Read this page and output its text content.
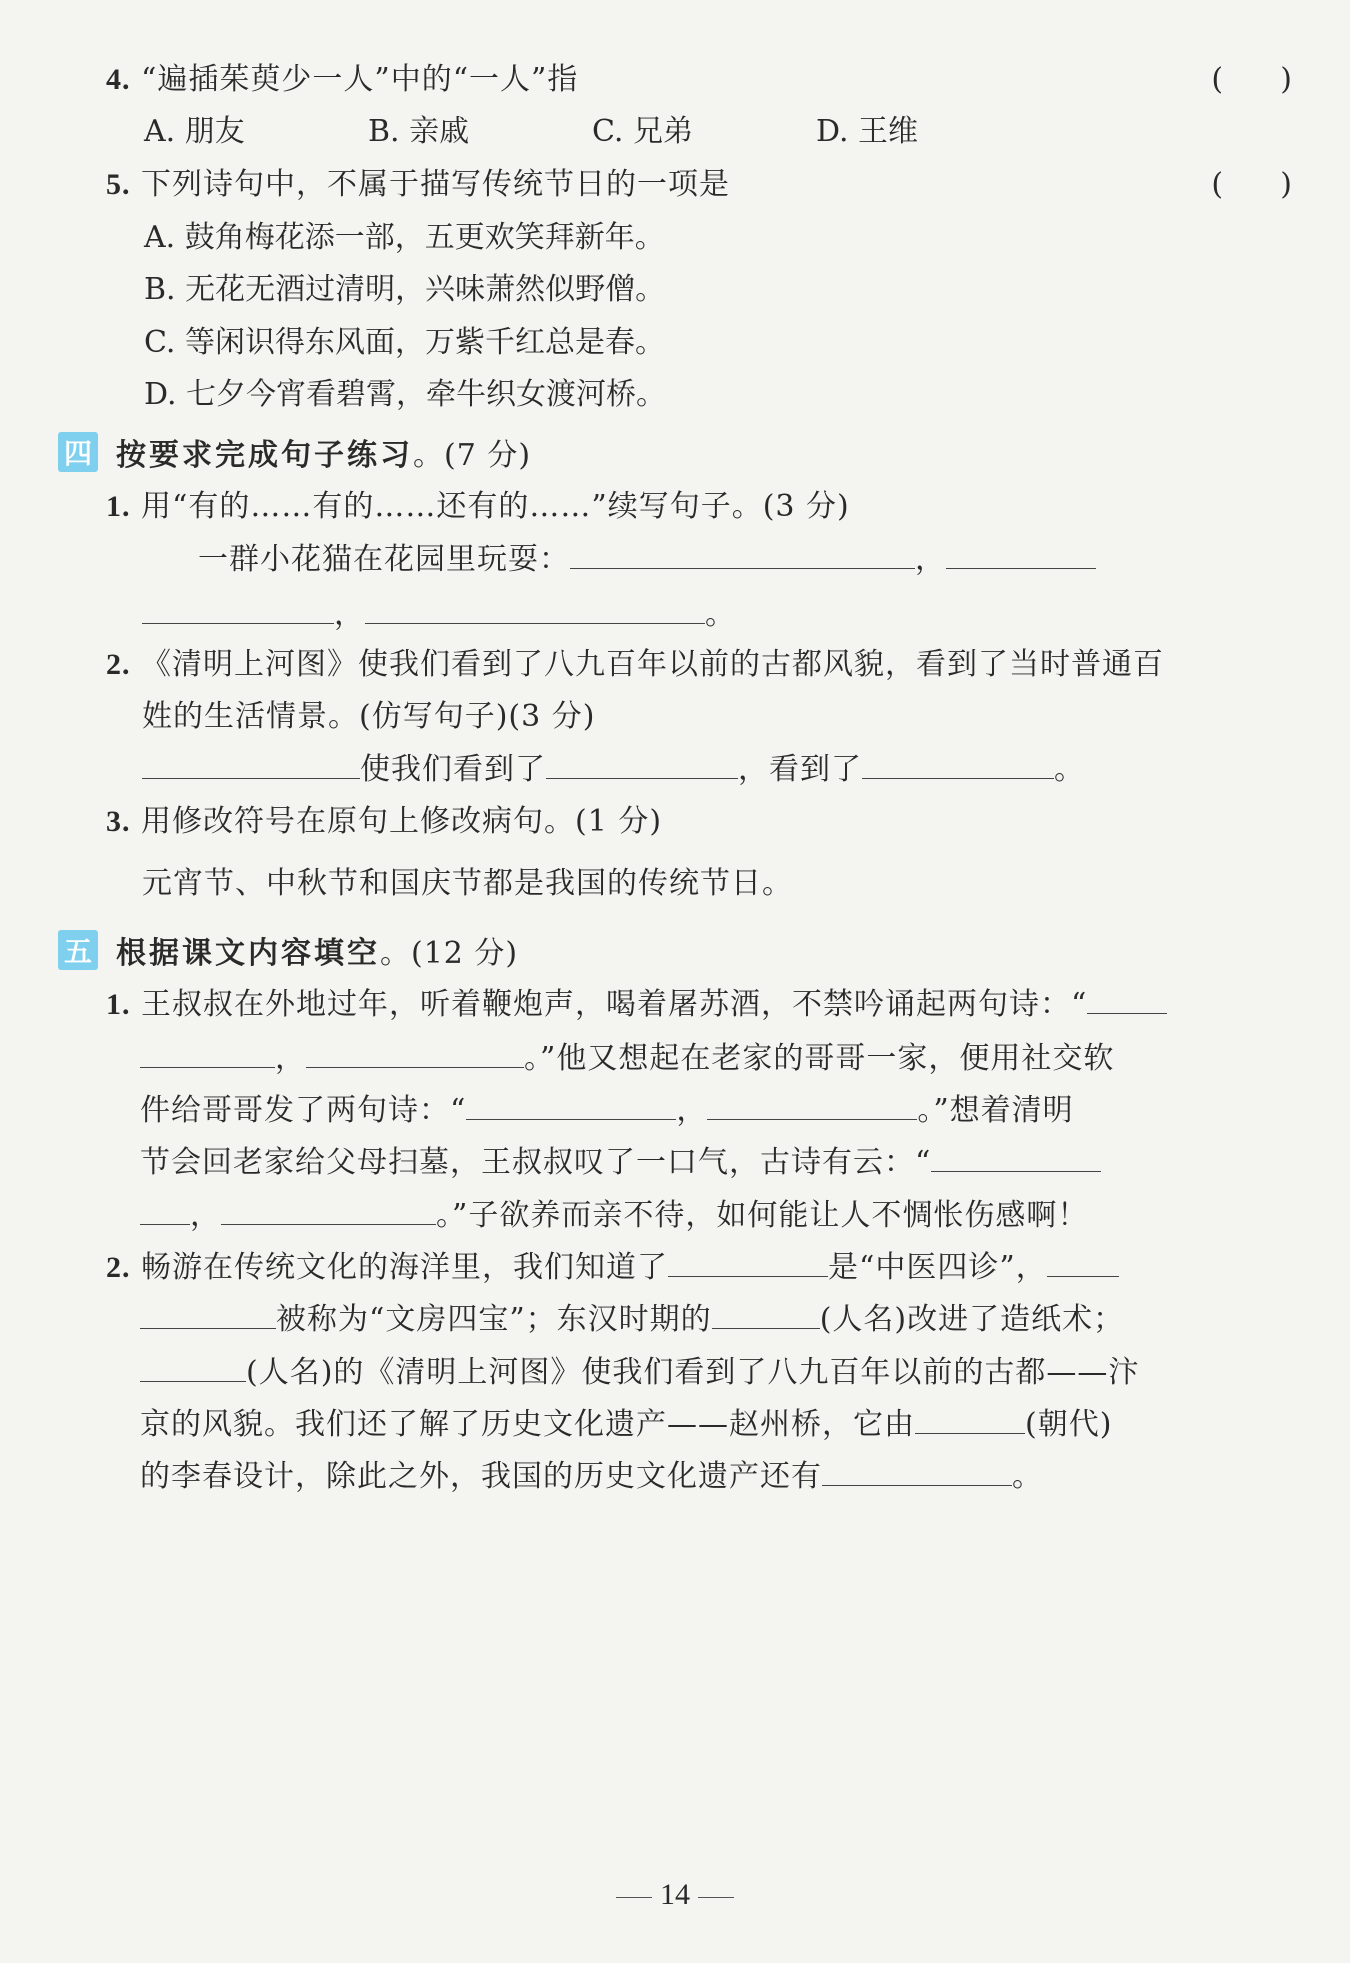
4. “遍插茱萸少一人”中的“一人”指	(      )
A. 朋友	B. 亲戚	C. 兄弟	D. 王维
5. 下列诗句中，不属于描写传统节日的一项是	(      )
A. 鼓角梅花添一部，五更欢笑拜新年。
B. 无花无酒过清明，兴味萧然似野僧。
C. 等闲识得东风面，万紫千红总是春。
D. 七夕今宵看碧霄，牵牛织女渡河桥。
四 按要求完成句子练习。(7 分)
1. 用“有的……有的……还有的……”续写句子。(3 分)
一群小花猫在花园里玩耍：	，
，	。
2. 《清明上河图》使我们看到了八九百年以前的古都风貌，看到了当时普通百
姓的生活情景。(仿写句子)(3 分)
使我们看到了	，看到了	。
3. 用修改符号在原句上修改病句。(1 分)
元宵节、中秋节和国庆节都是我国的传统节日。
五 根据课文内容填空。(12 分)
1. 王叔叔在外地过年，听着鞭炮声，喝着屠苏酒，不禁吟诵起两句诗：“
，	。”他又想起在老家的哥哥一家，便用社交软
件给哥哥发了两句诗：“	，	。”想着清明
节会回老家给父母扫墓，王叔叔叹了一口气，古诗有云：“
，	。”子欲养而亲不待，如何能让人不惆怅伤感啊！
2. 畅游在传统文化的海洋里，我们知道了	是“中医四诊”，
被称为“文房四宝”；东汉时期的	(人名)改进了造纸术；
(人名)的《清明上河图》使我们看到了八九百年以前的古都——汴
京的风貌。我们还了解了历史文化遗产——赵州桥，它由	(朝代)
的李春设计，除此之外，我国的历史文化遗产还有	。
14
